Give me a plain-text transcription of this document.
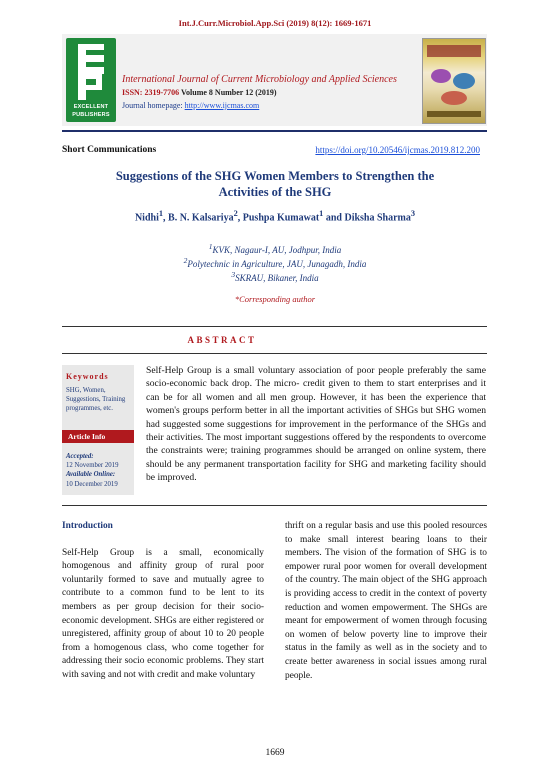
Int.J.Curr.Microbiol.App.Sci (2019) 8(12): 1669-1671
EXCELLENT
PUBLISHERS
International Journal of Current Microbiology and Applied Sciences
ISSN: 2319-7706 Volume 8 Number 12 (2019)
Journal homepage: http://www.ijcmas.com
Short Communications	https://doi.org/10.20546/ijcmas.2019.812.200
Suggestions of the SHG Women Members to Strengthen the
Activities of the SHG
Nidhi$^1$, B. N. Kalsariya$^2$, Pushpa Kumawat$^1$ and Diksha Sharma$^3$
$^1$KVK, Nagaur-I, AU, Jodhpur, India
$^2$Polytechnic in Agriculture, JAU, Junagadh, India
$^3$SKRAU, Bikaner, India
*Corresponding author
ABSTRACT
Keywords
SHG, Women, Suggestions, Training programmes, etc.
Article Info
Accepted:
12 November 2019
Available Online:
10 December 2019
Self-Help Group is a small voluntary association of poor people preferably the same socio-economic back drop. The micro- credit given to them to start enterprises and it can be for all women and all men group. However, it has been the experience that women's groups perform better in all the important activities of SHGs but SHG women had suggested some suggestions for improvement in the performance of the SHGs and their activities. The most important suggestions offered by the respondents to overcome the constraints were; training programmes should be arranged on online system, there should be any permanent transportation facility for SHG and marketing facility should be improved.
Introduction
Self-Help Group is a small, economically homogenous and affinity group of rural poor voluntarily formed to save and mutually agree to contribute to a common fund to be lent to its members as per group decision for their socio-economic development. SHGs are either registered or unregistered, affinity group of about 10 to 20 people from a homogenous class, who come together for addressing their socio economic problems. They start with saving and not with credit and make voluntary
thrift on a regular basis and use this pooled resources to make small interest bearing loans to their members. The vision of the formation of SHG is to empower rural poor women for overall development of the country. The main object of the SHG approach is providing access to credit in the context of poverty reduction and women empowerment. The SHGs are meant for empowerment of women through focusing on women of below poverty line to improve their status in the family as well as in the society and to create better awareness in social issues among rural people.
1669
